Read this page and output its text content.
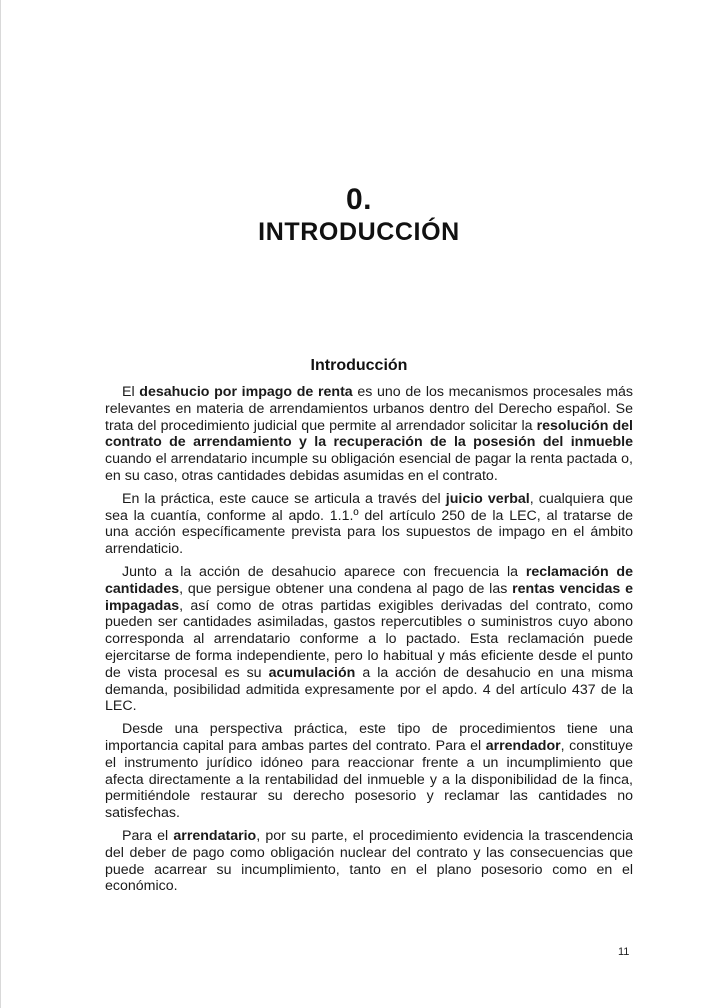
0.
INTRODUCCIÓN
Introducción

El desahucio por impago de renta es uno de los mecanismos procesales más relevantes en materia de arrendamientos urbanos dentro del Derecho español. Se trata del procedimiento judicial que permite al arrendador solicitar la resolución del contrato de arrendamiento y la recuperación de la posesión del inmueble cuando el arrendatario incumple su obligación esencial de pagar la renta pactada o, en su caso, otras cantidades debidas asumidas en el contrato.

En la práctica, este cauce se articula a través del juicio verbal, cualquiera que sea la cuantía, conforme al apdo. 1.1.º del artículo 250 de la LEC, al tratarse de una acción específicamente prevista para los supuestos de impago en el ámbito arrendaticio.

Junto a la acción de desahucio aparece con frecuencia la reclamación de cantidades, que persigue obtener una condena al pago de las rentas vencidas e impagadas, así como de otras partidas exigibles derivadas del contrato, como pueden ser cantidades asimiladas, gastos repercutibles o suministros cuyo abono corresponda al arrendatario conforme a lo pactado. Esta reclamación puede ejercitarse de forma independiente, pero lo habitual y más eficiente desde el punto de vista procesal es su acumulación a la acción de desahucio en una misma demanda, posibilidad admitida expresamente por el apdo. 4 del artículo 437 de la LEC.

Desde una perspectiva práctica, este tipo de procedimientos tiene una importancia capital para ambas partes del contrato. Para el arrendador, constituye el instrumento jurídico idóneo para reaccionar frente a un incumplimiento que afecta directamente a la rentabilidad del inmueble y a la disponibilidad de la finca, permitiéndole restaurar su derecho posesorio y reclamar las cantidades no satisfechas.

Para el arrendatario, por su parte, el procedimiento evidencia la trascendencia del deber de pago como obligación nuclear del contrato y las consecuencias que puede acarrear su incumplimiento, tanto en el plano posesorio como en el económico.

11
